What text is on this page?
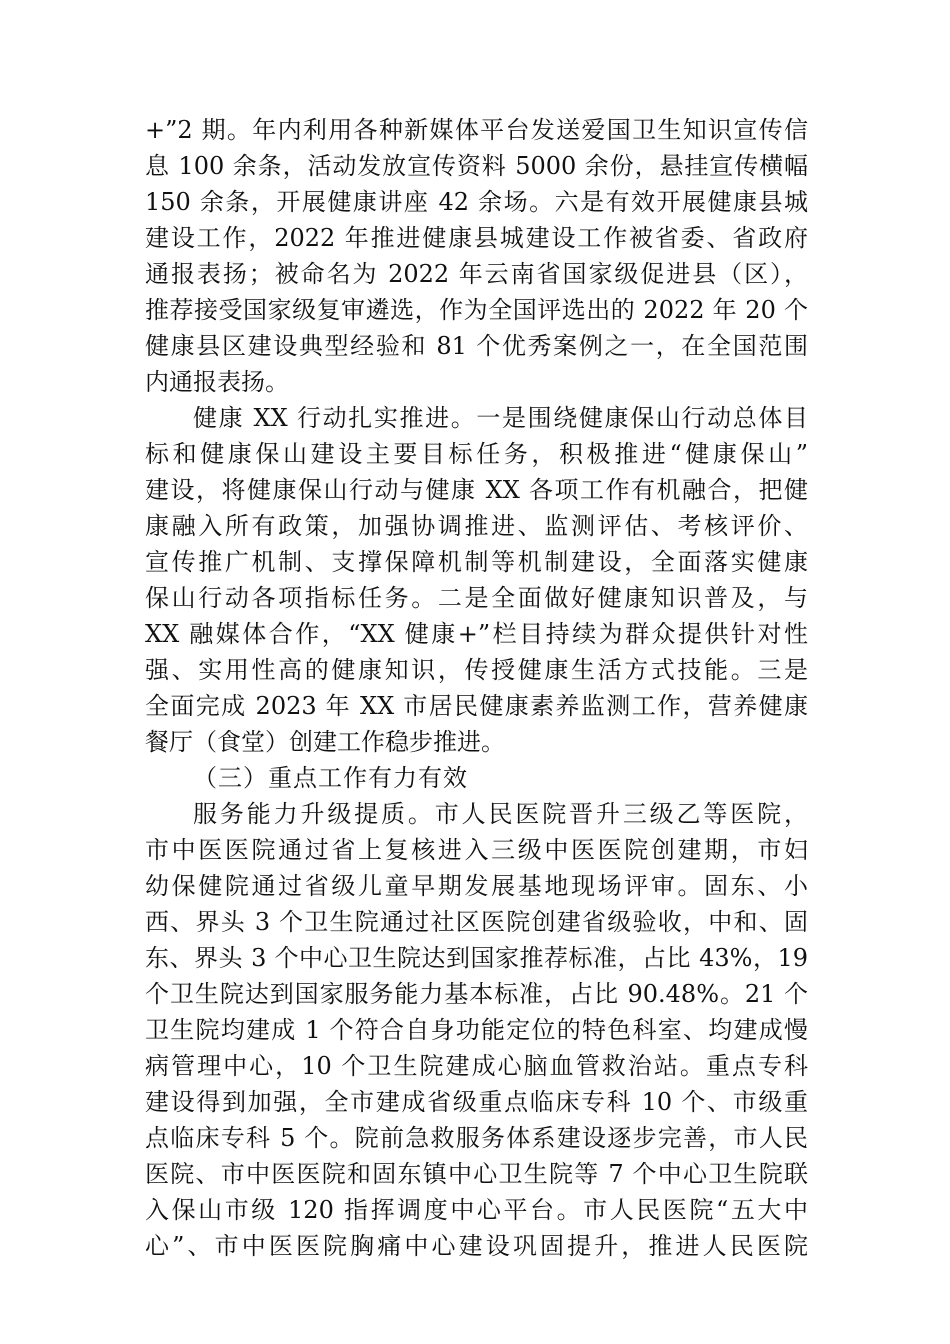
+”2 期。年内利用各种新媒体平台发送爱国卫生知识宣传信
息 100 余条，活动发放宣传资料 5000 余份，悬挂宣传横幅
150 余条，开展健康讲座 42 余场。六是有效开展健康县城
建设工作，2022 年推进健康县城建设工作被省委、省政府
通报表扬；被命名为 2022 年云南省国家级促进县（区），
推荐接受国家级复审遴选，作为全国评选出的 2022 年 20 个
健康县区建设典型经验和 81 个优秀案例之一，在全国范围
内通报表扬。
健康 XX 行动扎实推进。一是围绕健康保山行动总体目
标和健康保山建设主要目标任务，积极推进“健康保山”
建设，将健康保山行动与健康 XX 各项工作有机融合，把健
康融入所有政策，加强协调推进、监测评估、考核评价、
宣传推广机制、支撑保障机制等机制建设，全面落实健康
保山行动各项指标任务。二是全面做好健康知识普及，与
XX 融媒体合作，“XX 健康+”栏目持续为群众提供针对性
强、实用性高的健康知识，传授健康生活方式技能。三是
全面完成 2023 年 XX 市居民健康素养监测工作，营养健康
餐厅（食堂）创建工作稳步推进。
（三）重点工作有力有效
服务能力升级提质。市人民医院晋升三级乙等医院，
市中医医院通过省上复核进入三级中医医院创建期，市妇
幼保健院通过省级儿童早期发展基地现场评审。固东、小
西、界头 3 个卫生院通过社区医院创建省级验收，中和、固
东、界头 3 个中心卫生院达到国家推荐标准，占比 43%，19
个卫生院达到国家服务能力基本标准，占比 90.48%。21 个
卫生院均建成 1 个符合自身功能定位的特色科室、均建成慢
病管理中心，10 个卫生院建成心脑血管救治站。重点专科
建设得到加强，全市建成省级重点临床专科 10 个、市级重
点临床专科 5 个。院前急救服务体系建设逐步完善，市人民
医院、市中医医院和固东镇中心卫生院等 7 个中心卫生院联
入保山市级 120 指挥调度中心平台。市人民医院“五大中
心”、市中医医院胸痛中心建设巩固提升，推进人民医院
